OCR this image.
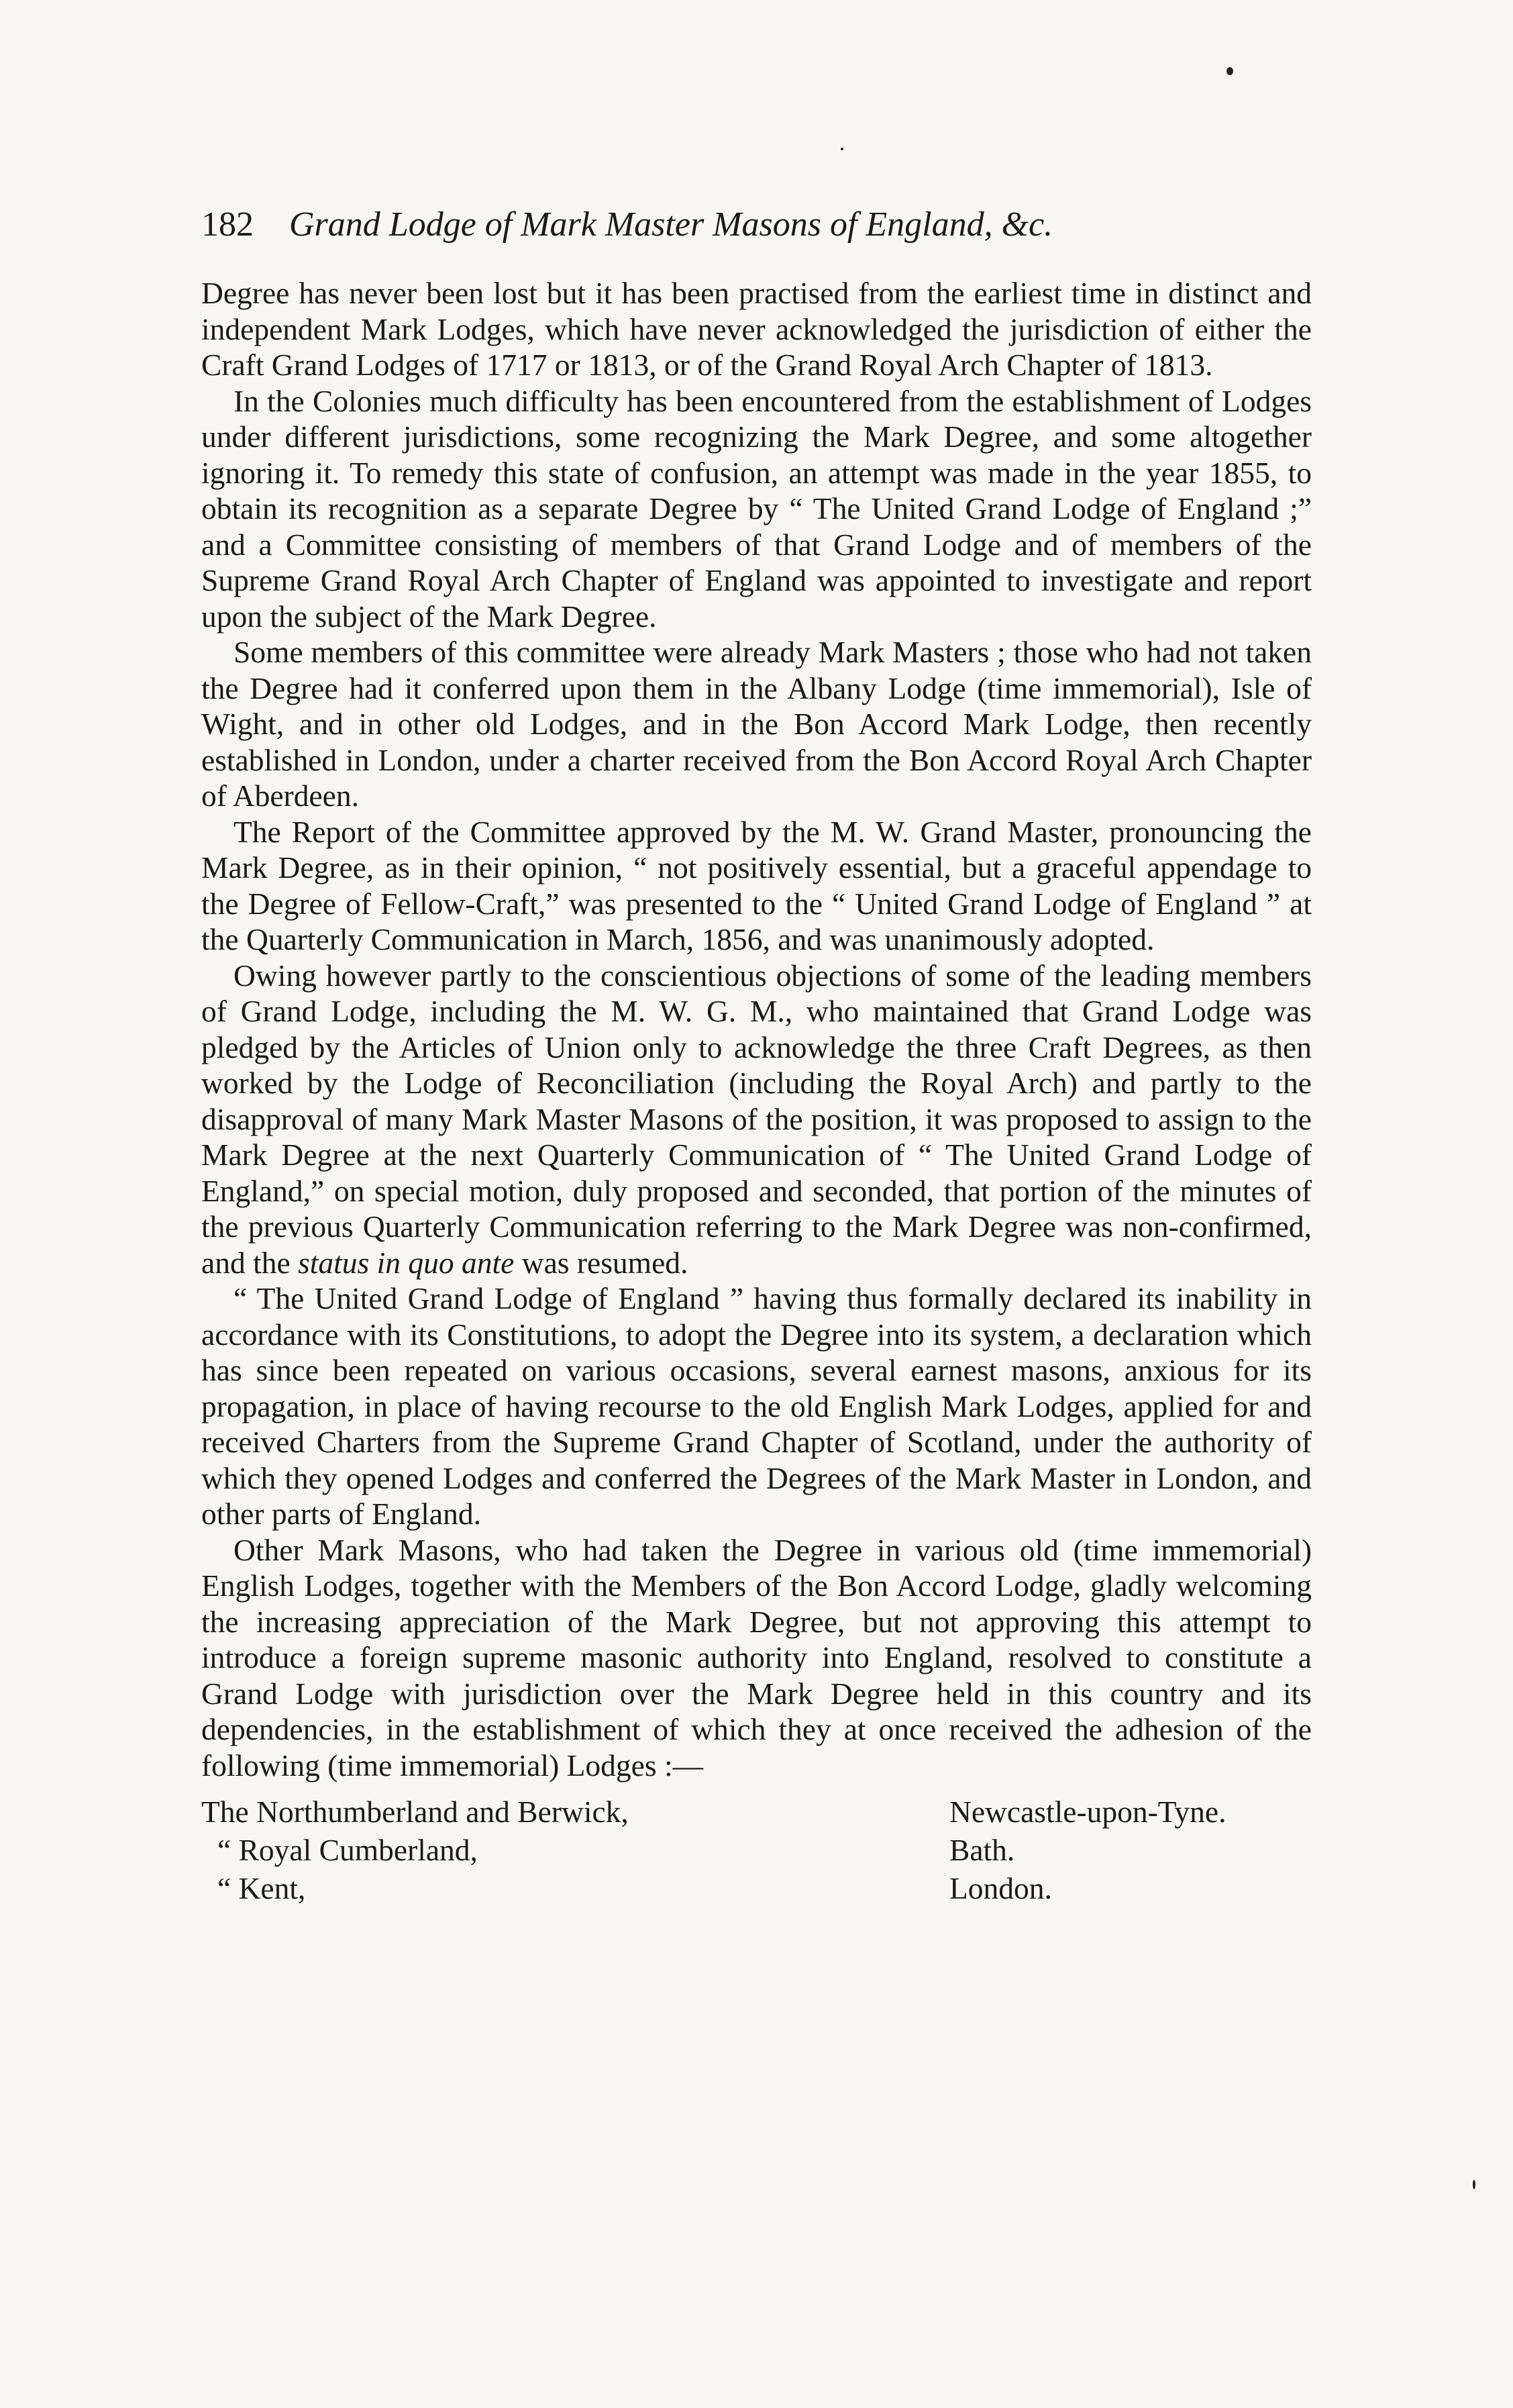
182 Grand Lodge of Mark Master Masons of England, &c.

Degree has never been lost but it has been practised from the earliest time in distinct and independent Mark Lodges, which have never acknowledged the jurisdiction of either the Craft Grand Lodges of 1717 or 1813, or of the Grand Royal Arch Chapter of 1813.

In the Colonies much difficulty has been encountered from the establishment of Lodges under different jurisdictions, some recognizing the Mark Degree, and some altogether ignoring it. To remedy this state of confusion, an attempt was made in the year 1855, to obtain its recognition as a separate Degree by “ The United Grand Lodge of England ;” and a Committee consisting of members of that Grand Lodge and of members of the Supreme Grand Royal Arch Chapter of England was appointed to investigate and report upon the subject of the Mark Degree.

Some members of this committee were already Mark Masters ; those who had not taken the Degree had it conferred upon them in the Albany Lodge (time immemorial), Isle of Wight, and in other old Lodges, and in the Bon Accord Mark Lodge, then recently established in London, under a charter received from the Bon Accord Royal Arch Chapter of Aberdeen.

The Report of the Committee approved by the M. W. Grand Master, pronouncing the Mark Degree, as in their opinion, “ not positively essential, but a graceful appendage to the Degree of Fellow-Craft,” was presented to the “ United Grand Lodge of England ” at the Quarterly Communication in March, 1856, and was unanimously adopted.

Owing however partly to the conscientious objections of some of the leading members of Grand Lodge, including the M. W. G. M., who maintained that Grand Lodge was pledged by the Articles of Union only to acknowledge the three Craft Degrees, as then worked by the Lodge of Reconciliation (including the Royal Arch) and partly to the disapproval of many Mark Master Masons of the position, it was proposed to assign to the Mark Degree at the next Quarterly Communication of “ The United Grand Lodge of England,” on special motion, duly proposed and seconded, that portion of the minutes of the previous Quarterly Communication referring to the Mark Degree was non-confirmed, and the status in quo ante was resumed.

“ The United Grand Lodge of England ” having thus formally declared its inability in accordance with its Constitutions, to adopt the Degree into its system, a declaration which has since been repeated on various occasions, several earnest masons, anxious for its propagation, in place of having recourse to the old English Mark Lodges, applied for and received Charters from the Supreme Grand Chapter of Scotland, under the authority of which they opened Lodges and conferred the Degrees of the Mark Master in London, and other parts of England.

Other Mark Masons, who had taken the Degree in various old (time immemorial) English Lodges, together with the Members of the Bon Accord Lodge, gladly welcoming the increasing appreciation of the Mark Degree, but not approving this attempt to introduce a foreign supreme masonic authority into England, resolved to constitute a Grand Lodge with jurisdiction over the Mark Degree held in this country and its dependencies, in the establishment of which they at once received the adhesion of the following (time immemorial) Lodges :—

The Northumberland and Berwick,	Newcastle-upon-Tyne.
“ Royal Cumberland,	Bath.
“ Kent,	London.
